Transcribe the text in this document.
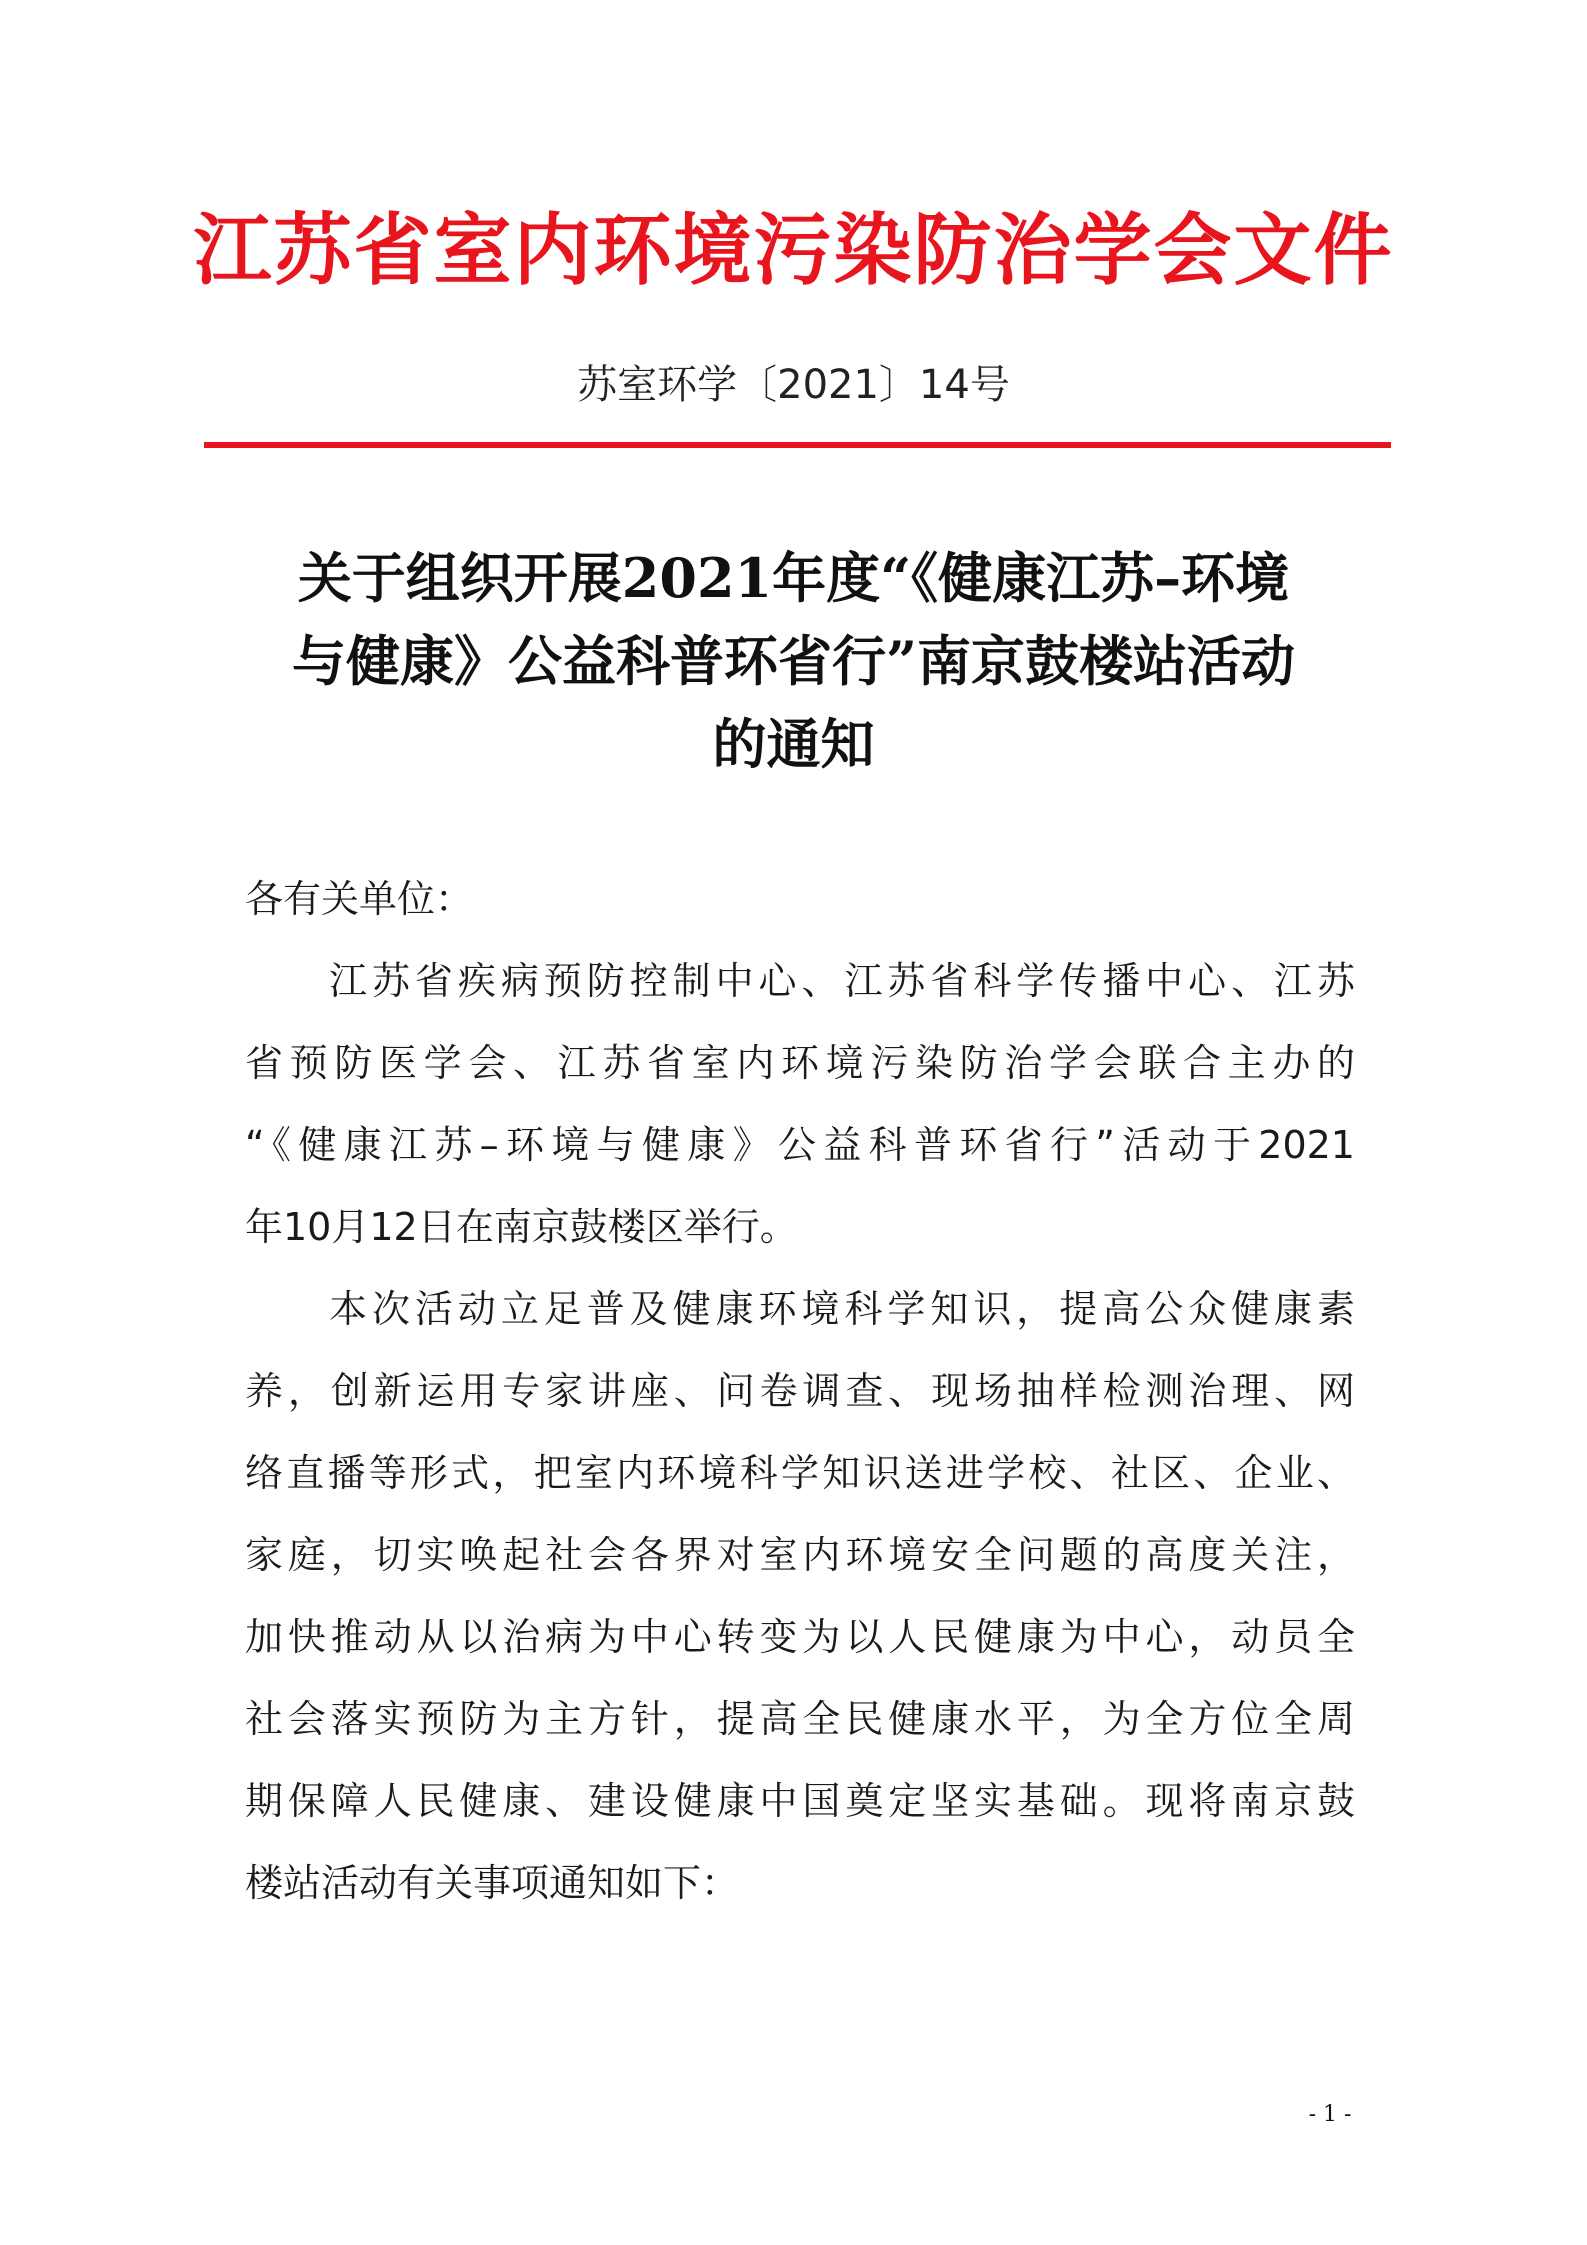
江苏省室内环境污染防治学会文件
苏室环学〔2021〕14号
关于组织开展2021年度“《健康江苏–环境
与健康》公益科普环省行”南京鼓楼站活动
的通知
各有关单位：
江苏省疾病预防控制中心、江苏省科学传播中心、江苏
省预防医学会、江苏省室内环境污染防治学会联合主办的
“《健康江苏–环境与健康》公益科普环省行”活动于2021
年10月12日在南京鼓楼区举行。
本次活动立足普及健康环境科学知识，提高公众健康素
养，创新运用专家讲座、问卷调查、现场抽样检测治理、网
络直播等形式，把室内环境科学知识送进学校、社区、企业、
家庭，切实唤起社会各界对室内环境安全问题的高度关注，
加快推动从以治病为中心转变为以人民健康为中心，动员全
社会落实预防为主方针，提高全民健康水平，为全方位全周
期保障人民健康、建设健康中国奠定坚实基础。现将南京鼓
楼站活动有关事项通知如下：
- 1 -
